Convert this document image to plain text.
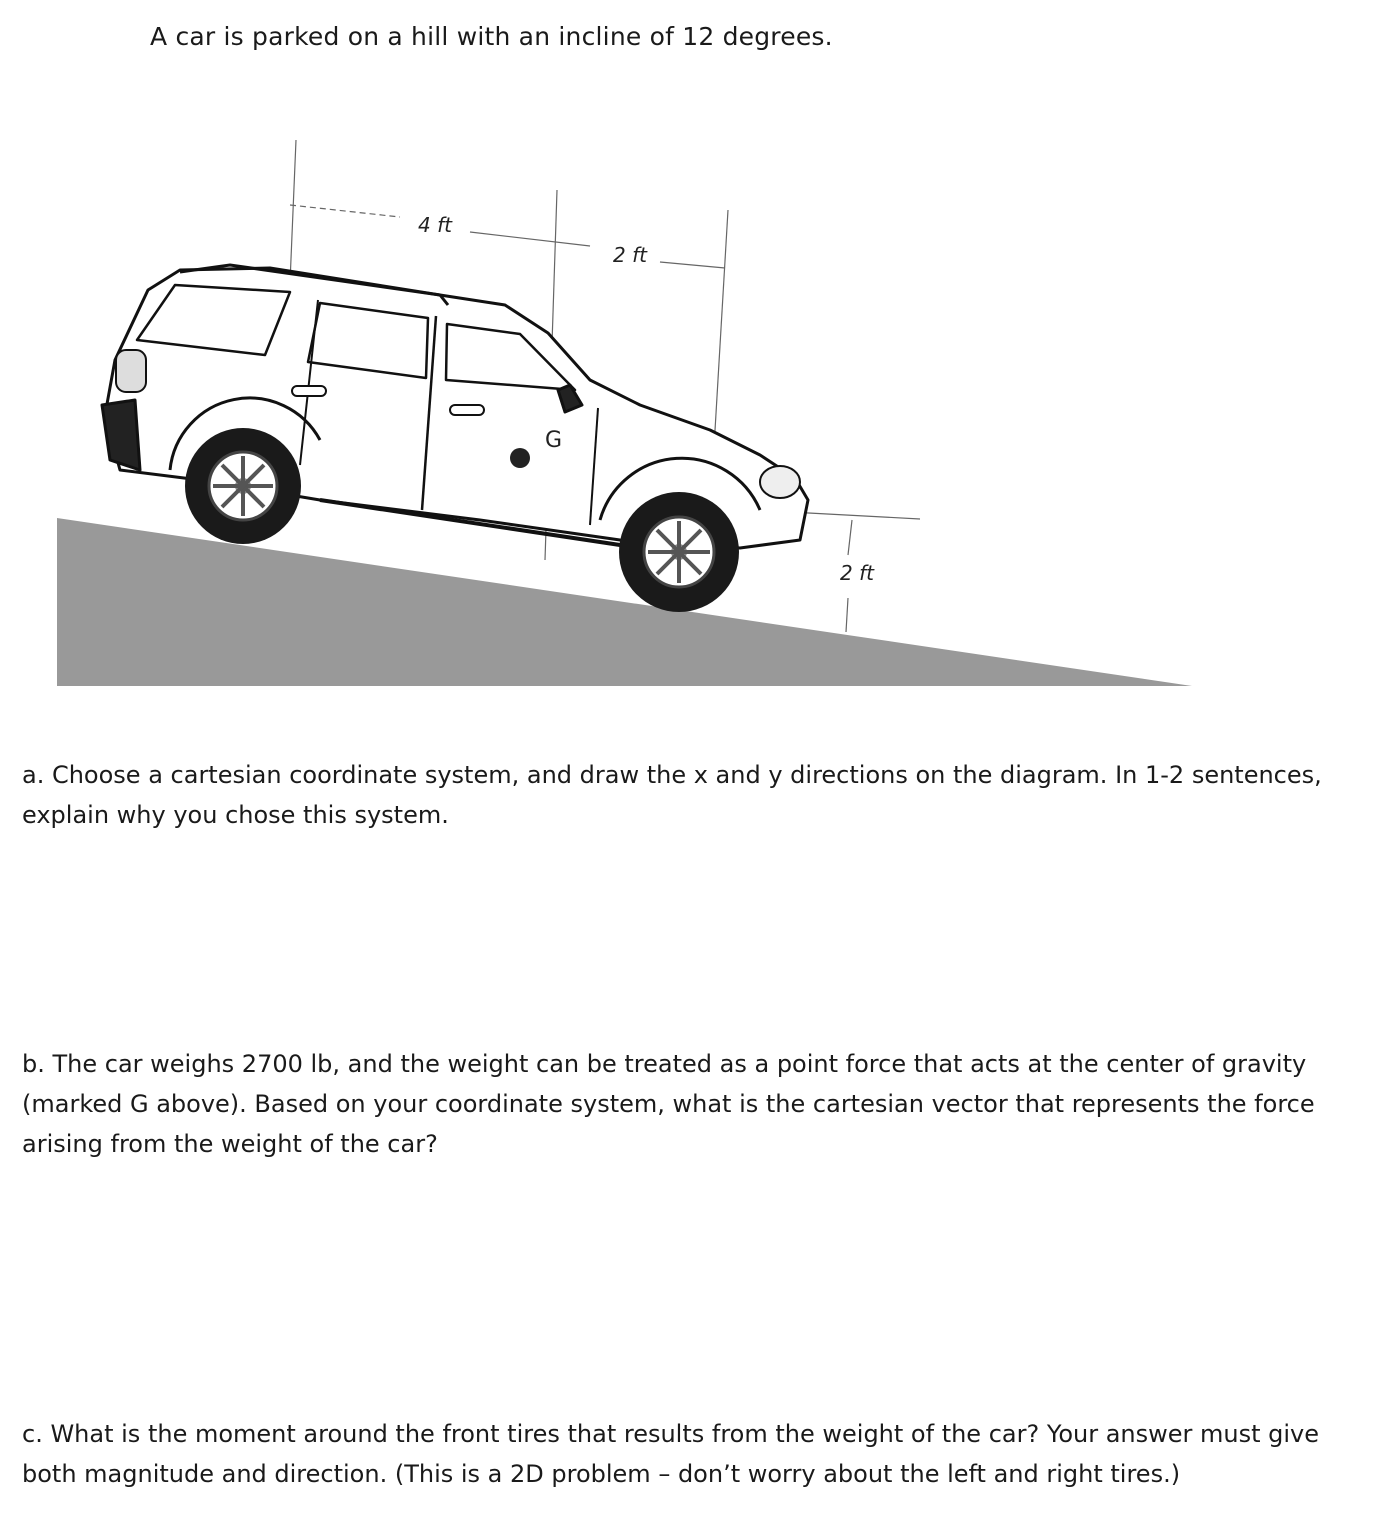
A car is parked on a hill with an incline of 12 degrees.
G
4 ft
2 ft
2 ft
a. Choose a cartesian coordinate system, and draw the x and y directions on the diagram. In 1-2 sentences, explain why you chose this system.
b. The car weighs 2700 lb, and the weight can be treated as a point force that acts at the center of gravity (marked G above). Based on your coordinate system, what is the cartesian vector that represents the force arising from the weight of the car?
c. What is the moment around the front tires that results from the weight of the car? Your answer must give both magnitude and direction. (This is a 2D problem – don’t worry about the left and right tires.)
